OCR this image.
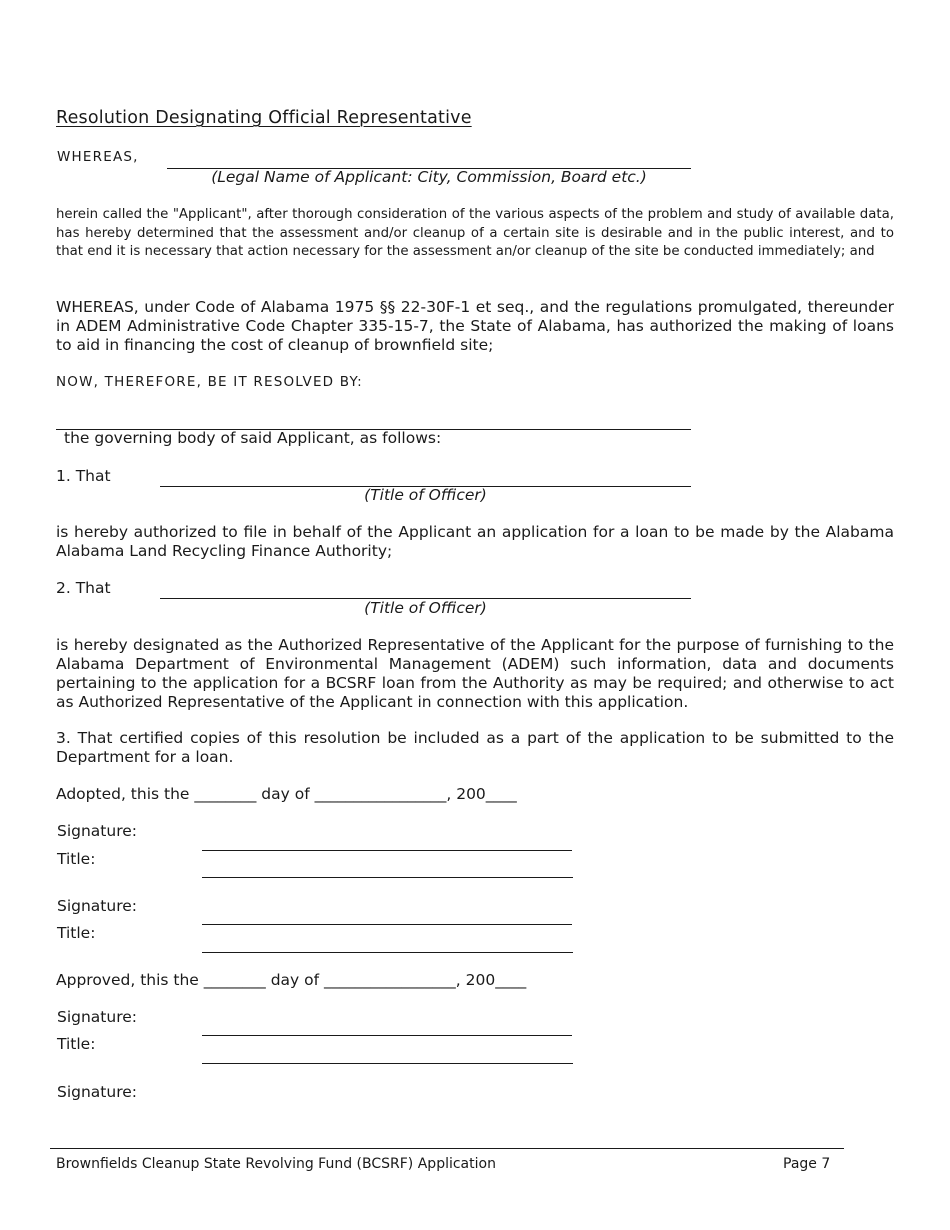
Resolution Designating Official Representative

WHEREAS,

(Legal Name of Applicant: City, Commission, Board etc.)

herein called the "Applicant", after thorough consideration of the various aspects of the problem and study of available data, has hereby determined that the assessment and/or cleanup of a certain site is desirable and in the public interest, and to that end it is necessary that action necessary for the assessment an/or cleanup of the site be conducted immediately; and

WHEREAS, under Code of Alabama 1975 §§ 22-30F-1 et seq., and the regulations promulgated, thereunder in ADEM Administrative Code Chapter 335-15-7, the State of Alabama, has authorized the making of loans to aid in financing the cost of cleanup of brownfield site;

NOW, THEREFORE, BE IT RESOLVED BY:

the governing body of said Applicant, as follows:

1. That

(Title of Officer)

is hereby authorized to file in behalf of the Applicant an application for a loan to be made by the Alabama Alabama Land Recycling Finance Authority;

2. That

(Title of Officer)

is hereby designated as the Authorized Representative of the Applicant for the purpose of furnishing to the Alabama Department of Environmental Management (ADEM) such information, data and documents pertaining to the application for a BCSRF loan from the Authority as may be required; and otherwise to act as Authorized Representative of the Applicant in connection with this application.

3. That certified copies of this resolution be included as a part of the application to be submitted to the Department for a loan.

Adopted, this the ________ day of _________________, 200____

Signature:

Title:

Signature:

Title:

Approved, this the ________ day of _________________, 200____

Signature:

Title:

Signature:

Brownfields Cleanup State Revolving Fund (BCSRF) Application	Page 7
